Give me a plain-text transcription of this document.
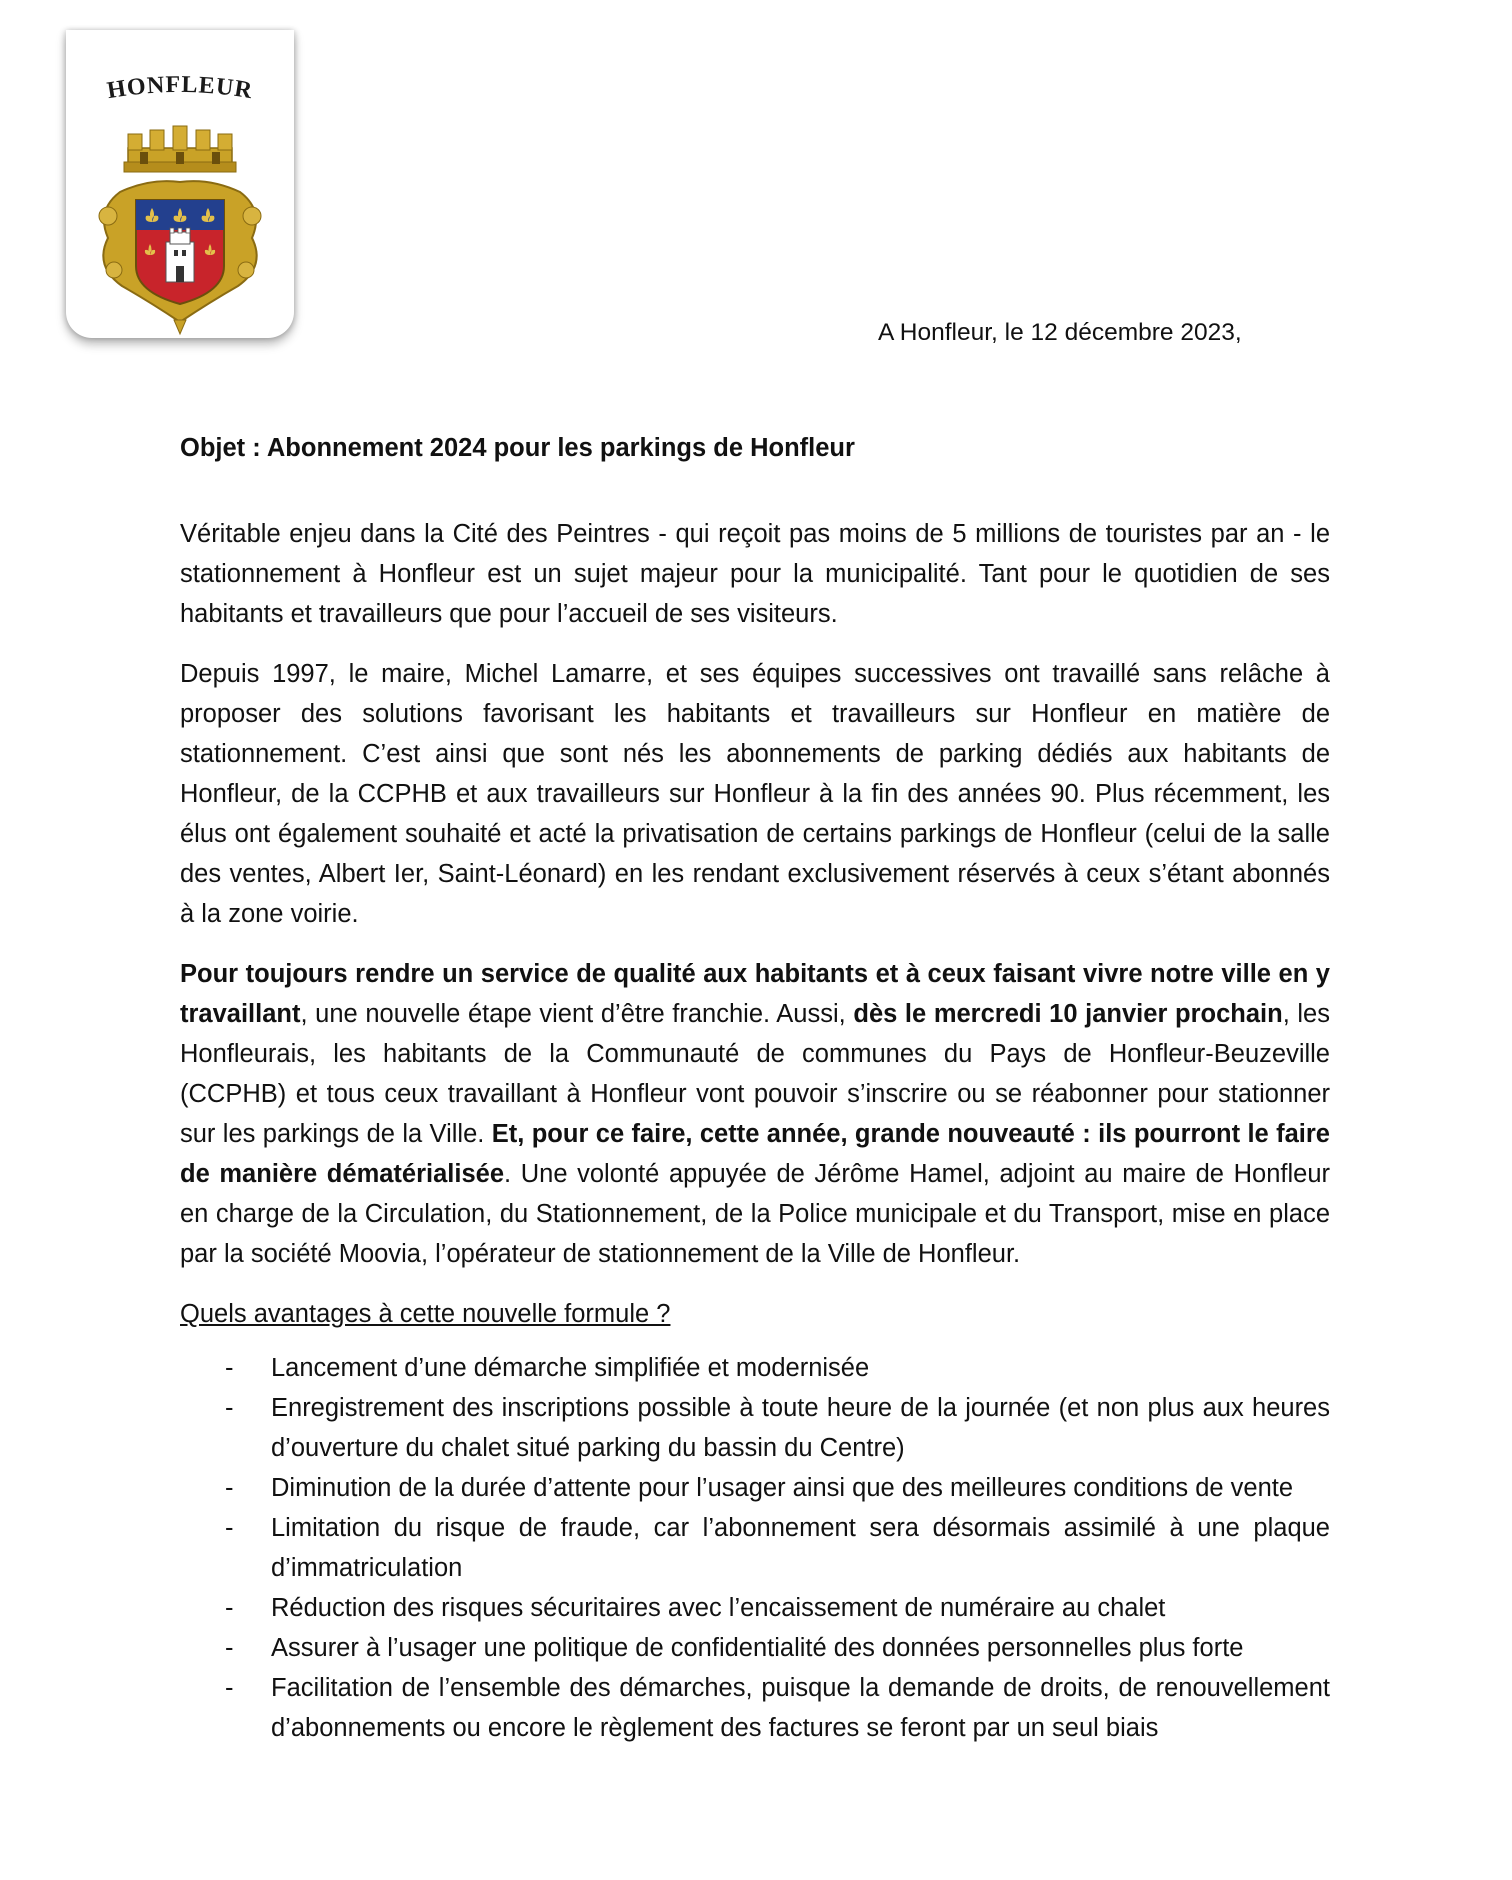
HONFLEUR
A Honfleur, le 12 décembre 2023,
Objet : Abonnement 2024 pour les parkings de Honfleur

Véritable enjeu dans la Cité des Peintres - qui reçoit pas moins de 5 millions de touristes par an - le stationnement à Honfleur est un sujet majeur pour la municipalité. Tant pour le quotidien de ses habitants et travailleurs que pour l’accueil de ses visiteurs.

Depuis 1997, le maire, Michel Lamarre, et ses équipes successives ont travaillé sans relâche à proposer des solutions favorisant les habitants et travailleurs sur Honfleur en matière de stationnement. C’est ainsi que sont nés les abonnements de parking dédiés aux habitants de Honfleur, de la CCPHB et aux travailleurs sur Honfleur à la fin des années 90. Plus récemment, les élus ont également souhaité et acté la privatisation de certains parkings de Honfleur (celui de la salle des ventes, Albert Ier, Saint-Léonard) en les rendant exclusivement réservés à ceux s’étant abonnés à la zone voirie.

Pour toujours rendre un service de qualité aux habitants et à ceux faisant vivre notre ville en y travaillant, une nouvelle étape vient d’être franchie. Aussi, dès le mercredi 10 janvier prochain, les Honfleurais, les habitants de la Communauté de communes du Pays de Honfleur-Beuzeville (CCPHB) et tous ceux travaillant à Honfleur vont pouvoir s’inscrire ou se réabonner pour stationner sur les parkings de la Ville. Et, pour ce faire, cette année, grande nouveauté : ils pourront le faire de manière dématérialisée. Une volonté appuyée de Jérôme Hamel, adjoint au maire de Honfleur en charge de la Circulation, du Stationnement, de la Police municipale et du Transport, mise en place par la société Moovia, l’opérateur de stationnement de la Ville de Honfleur.

Quels avantages à cette nouvelle formule ?
- Lancement d’une démarche simplifiée et modernisée
- Enregistrement des inscriptions possible à toute heure de la journée (et non plus aux heures d’ouverture du chalet situé parking du bassin du Centre)
- Diminution de la durée d’attente pour l’usager ainsi que des meilleures conditions de vente
- Limitation du risque de fraude, car l’abonnement sera désormais assimilé à une plaque d’immatriculation
- Réduction des risques sécuritaires avec l’encaissement de numéraire au chalet
- Assurer à l’usager une politique de confidentialité des données personnelles plus forte
- Facilitation de l’ensemble des démarches, puisque la demande de droits, de renouvellement d’abonnements ou encore le règlement des factures se feront par un seul biais
